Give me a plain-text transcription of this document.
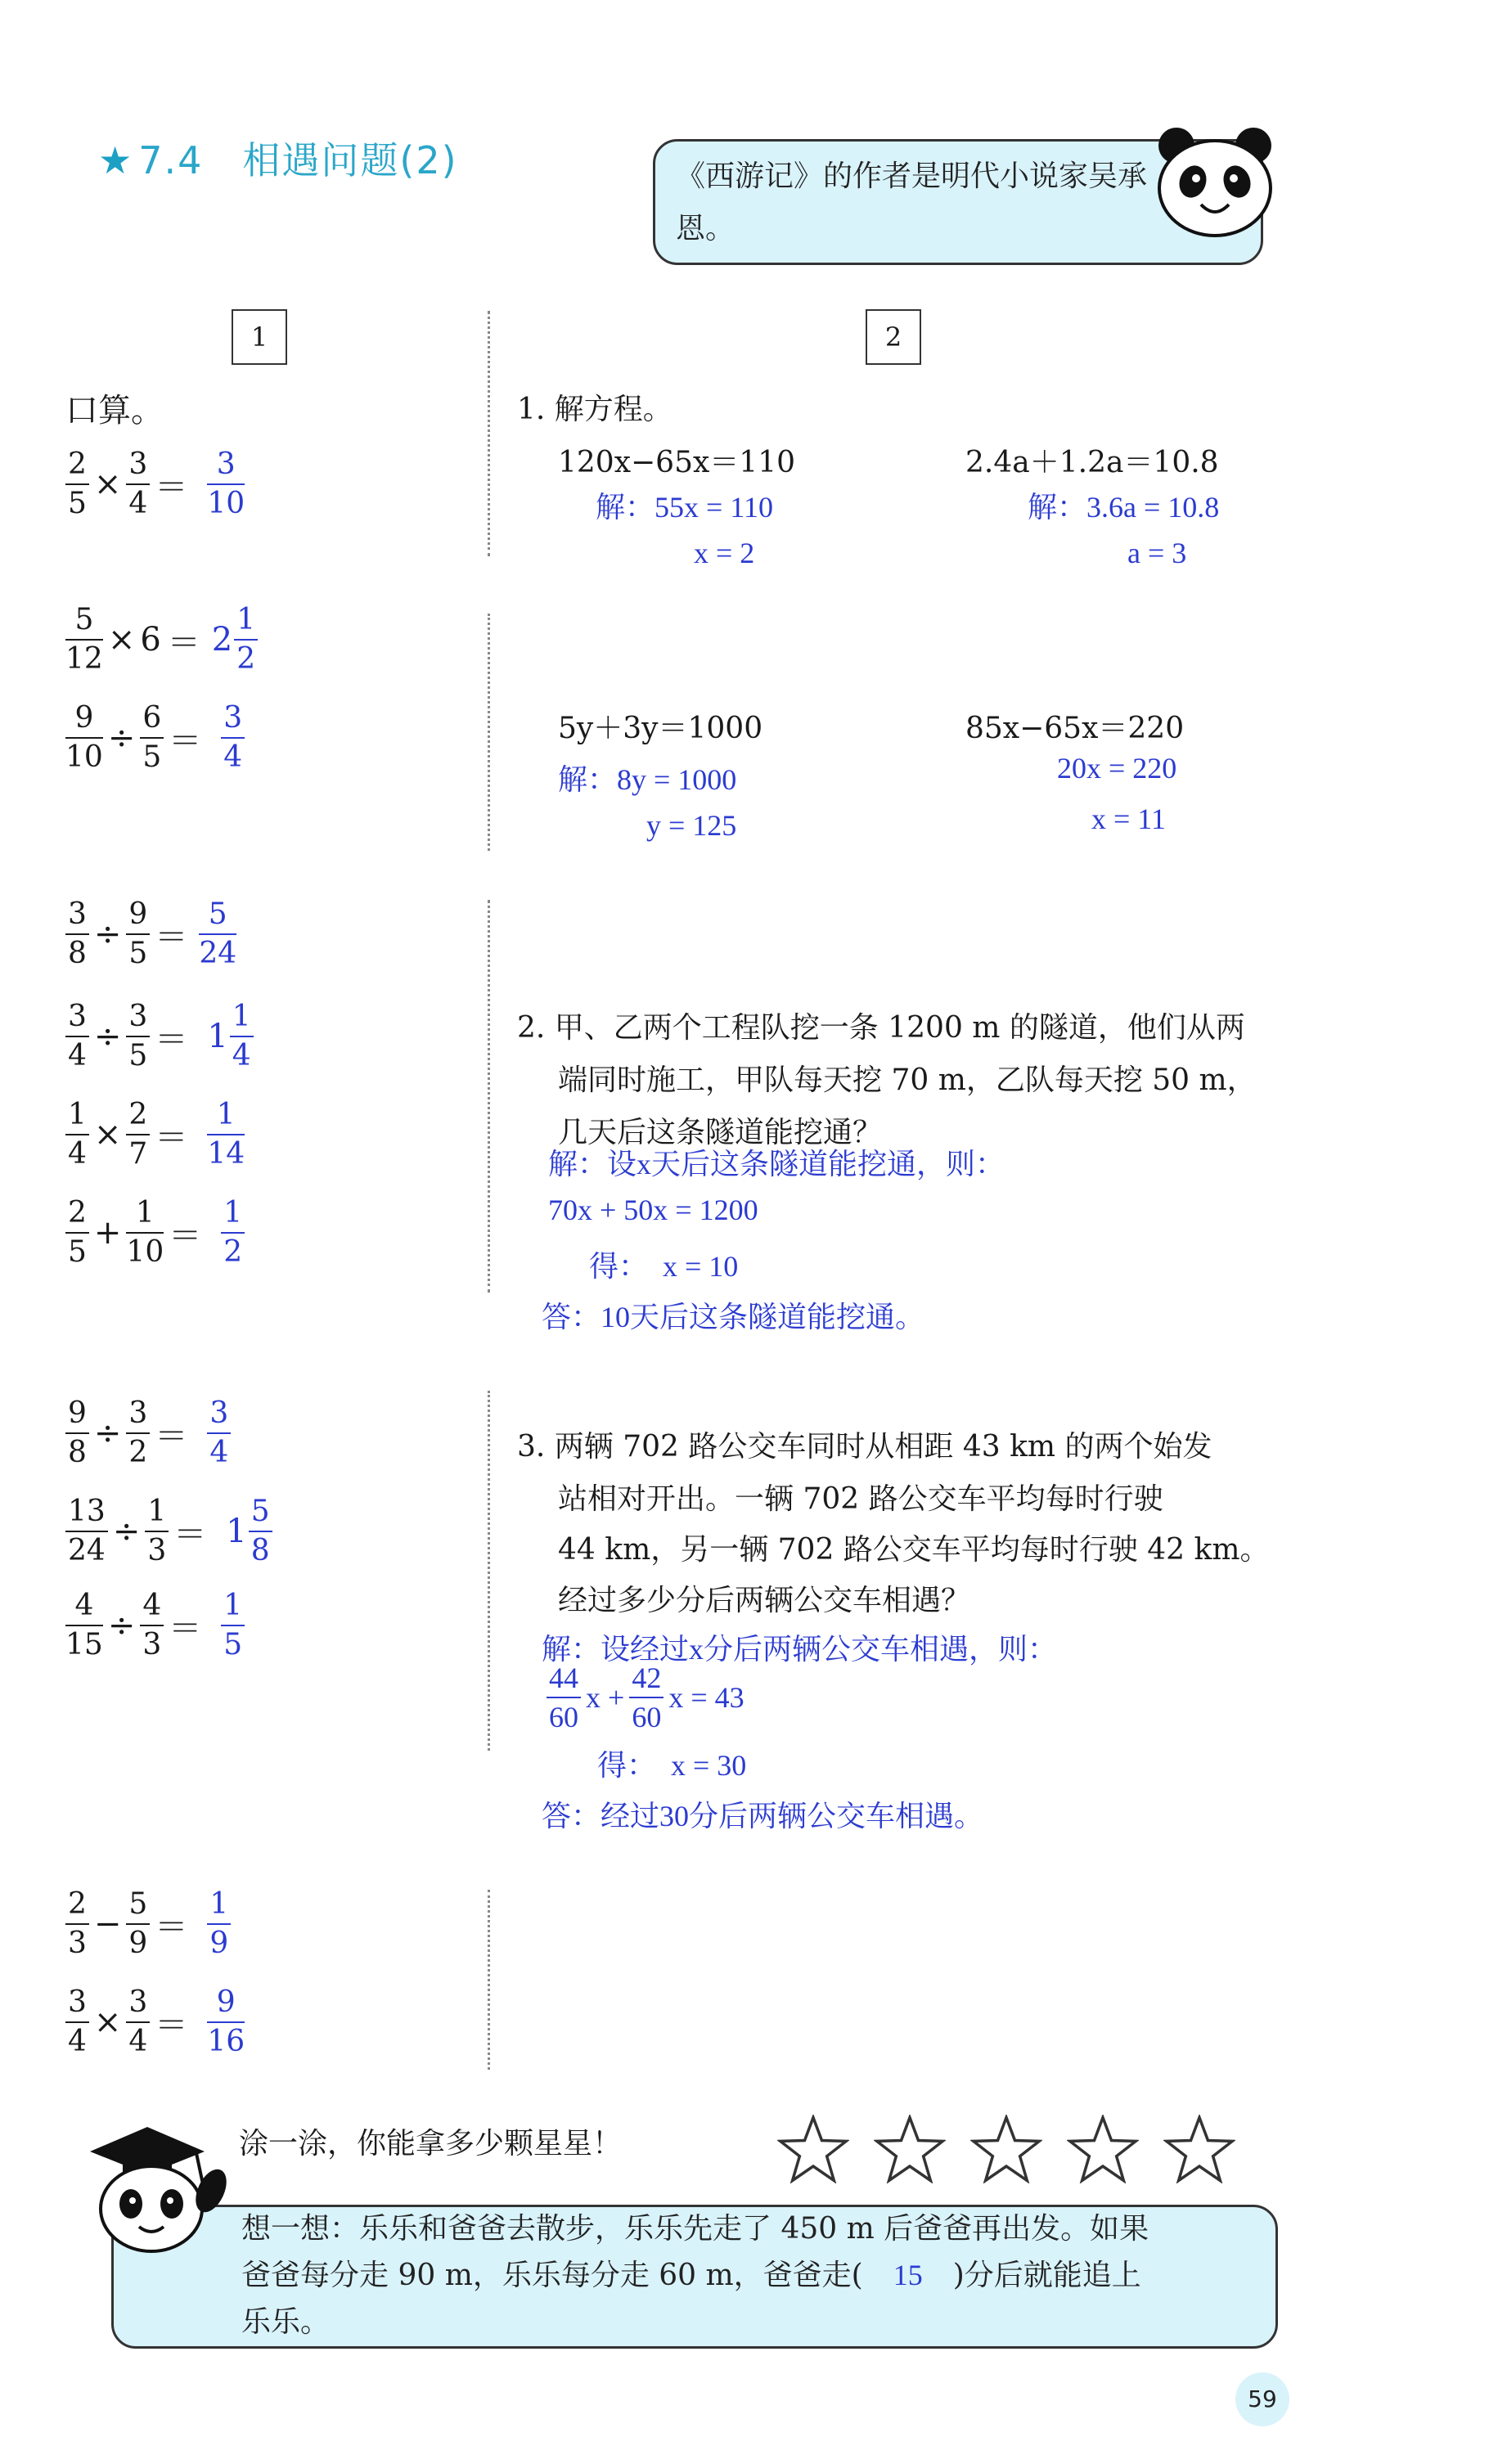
★ 7.4　相遇问题(2)	《西游记》的作者是明代小说家吴承恩。
1	2
口算。
$\frac{2}{5} \times \frac{3}{4} = \frac{3}{10}$
$\frac{5}{12} \times 6 = 2 \frac{1}{2}$
$\frac{9}{10} \div \frac{6}{5} = \frac{3}{4}$
$\frac{3}{8} \div \frac{9}{5} = \frac{5}{24}$
$\frac{3}{4} \div \frac{3}{5} = 1 \frac{1}{4}$
$\frac{1}{4} \times \frac{2}{7} = \frac{1}{14}$
$\frac{2}{5} + \frac{1}{10} = \frac{1}{2}$
$\frac{9}{8} \div \frac{3}{2} = \frac{3}{4}$
$\frac{13}{24} \div \frac{1}{3} = 1 \frac{5}{8}$
$\frac{4}{15} \div \frac{4}{3} = \frac{1}{5}$
$\frac{2}{3} - \frac{5}{9} = \frac{1}{9}$
$\frac{3}{4} \times \frac{3}{4} = \frac{9}{16}$
1. 解方程。
120x−65x＝110
解：55x = 110
x = 2
2.4a＋1.2a＝10.8
解：3.6a = 10.8
a = 3
5y＋3y＝1000
解：8y = 1000
y = 125
85x−65x＝220
20x = 220
x = 11
2. 甲、乙两个工程队挖一条 1200 m 的隧道，他们从两
端同时施工，甲队每天挖 70 m，乙队每天挖 50 m，
几天后这条隧道能挖通？
解：设x天后这条隧道能挖通，则：
70x + 50x = 1200
得：　x = 10
答：10天后这条隧道能挖通。
3. 两辆 702 路公交车同时从相距 43 km 的两个始发
站相对开出。一辆 702 路公交车平均每时行驶
44 km，另一辆 702 路公交车平均每时行驶 42 km。
经过多少分后两辆公交车相遇？
解：设经过x分后两辆公交车相遇，则：
$\frac{44}{60}$ $x + \frac{42}{60}$ x = 43
得：　x = 30
答：经过30分后两辆公交车相遇。
涂一涂，你能拿多少颗星星！
想一想：乐乐和爸爸去散步，乐乐先走了 450 m 后爸爸再出发。如果
爸爸每分走 90 m，乐乐每分走 60 m，爸爸走( 15 )分后就能追上
乐乐。
59
